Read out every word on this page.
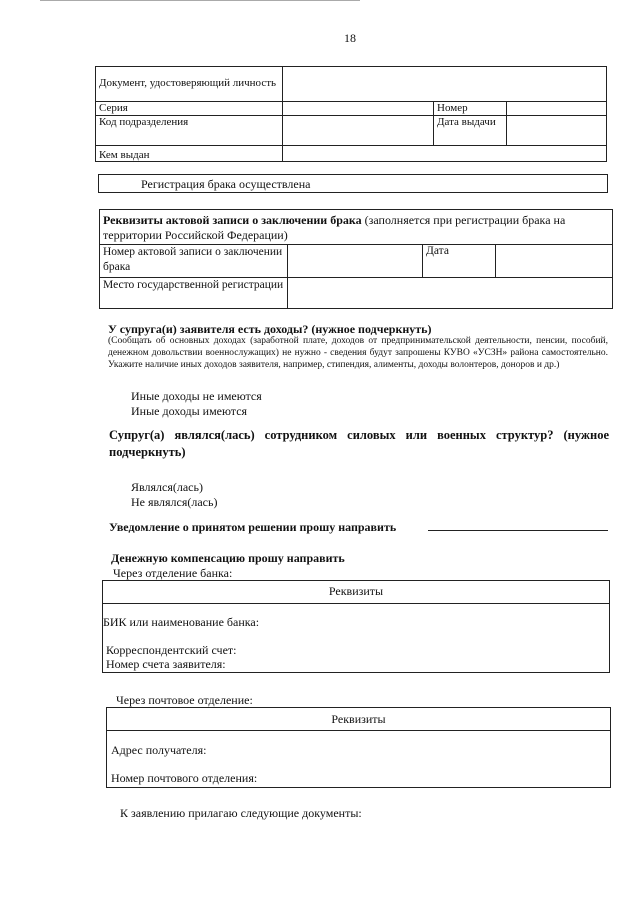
18
Документ, удостоверяющий личность			

Серия		Номер	
Код подразделения		Дата выдачи	
Кем выдан			
Регистрация брака осуществлена
Реквизиты актовой записи о заключении брака (заполняется при регистрации брака на территории Российской Федерации)			
Номер актовой записи о заключении брака		Дата	
Место государственной регистрации			
У супруга(и) заявителя есть доходы? (нужное подчеркнуть)
(Сообщать об основных доходах (заработной плате, доходов от предпринимательской деятельности, пенсии, пособий, денежном довольствии военнослужащих) не нужно - сведения будут запрошены КУВО «УСЗН» района самостоятельно. Укажите наличие иных доходов заявителя, например, стипендия, алименты, доходы волонтеров, доноров и др.)
Иные доходы не имеются
Иные доходы имеются
Супруг(а) являлся(лась) сотрудником силовых или военных структур? (нужное подчеркнуть)
Являлся(лась)
Не являлся(лась)
Уведомление о принятом решении прошу направить
Денежную компенсацию прошу направить
Через отделение банка:
Реквизиты
БИК или наименование банка:
Корреспондентский счет:
Номер счета заявителя:
Через почтовое отделение:
Реквизиты
Адрес получателя:
Номер почтового отделения:
К заявлению прилагаю следующие документы:
